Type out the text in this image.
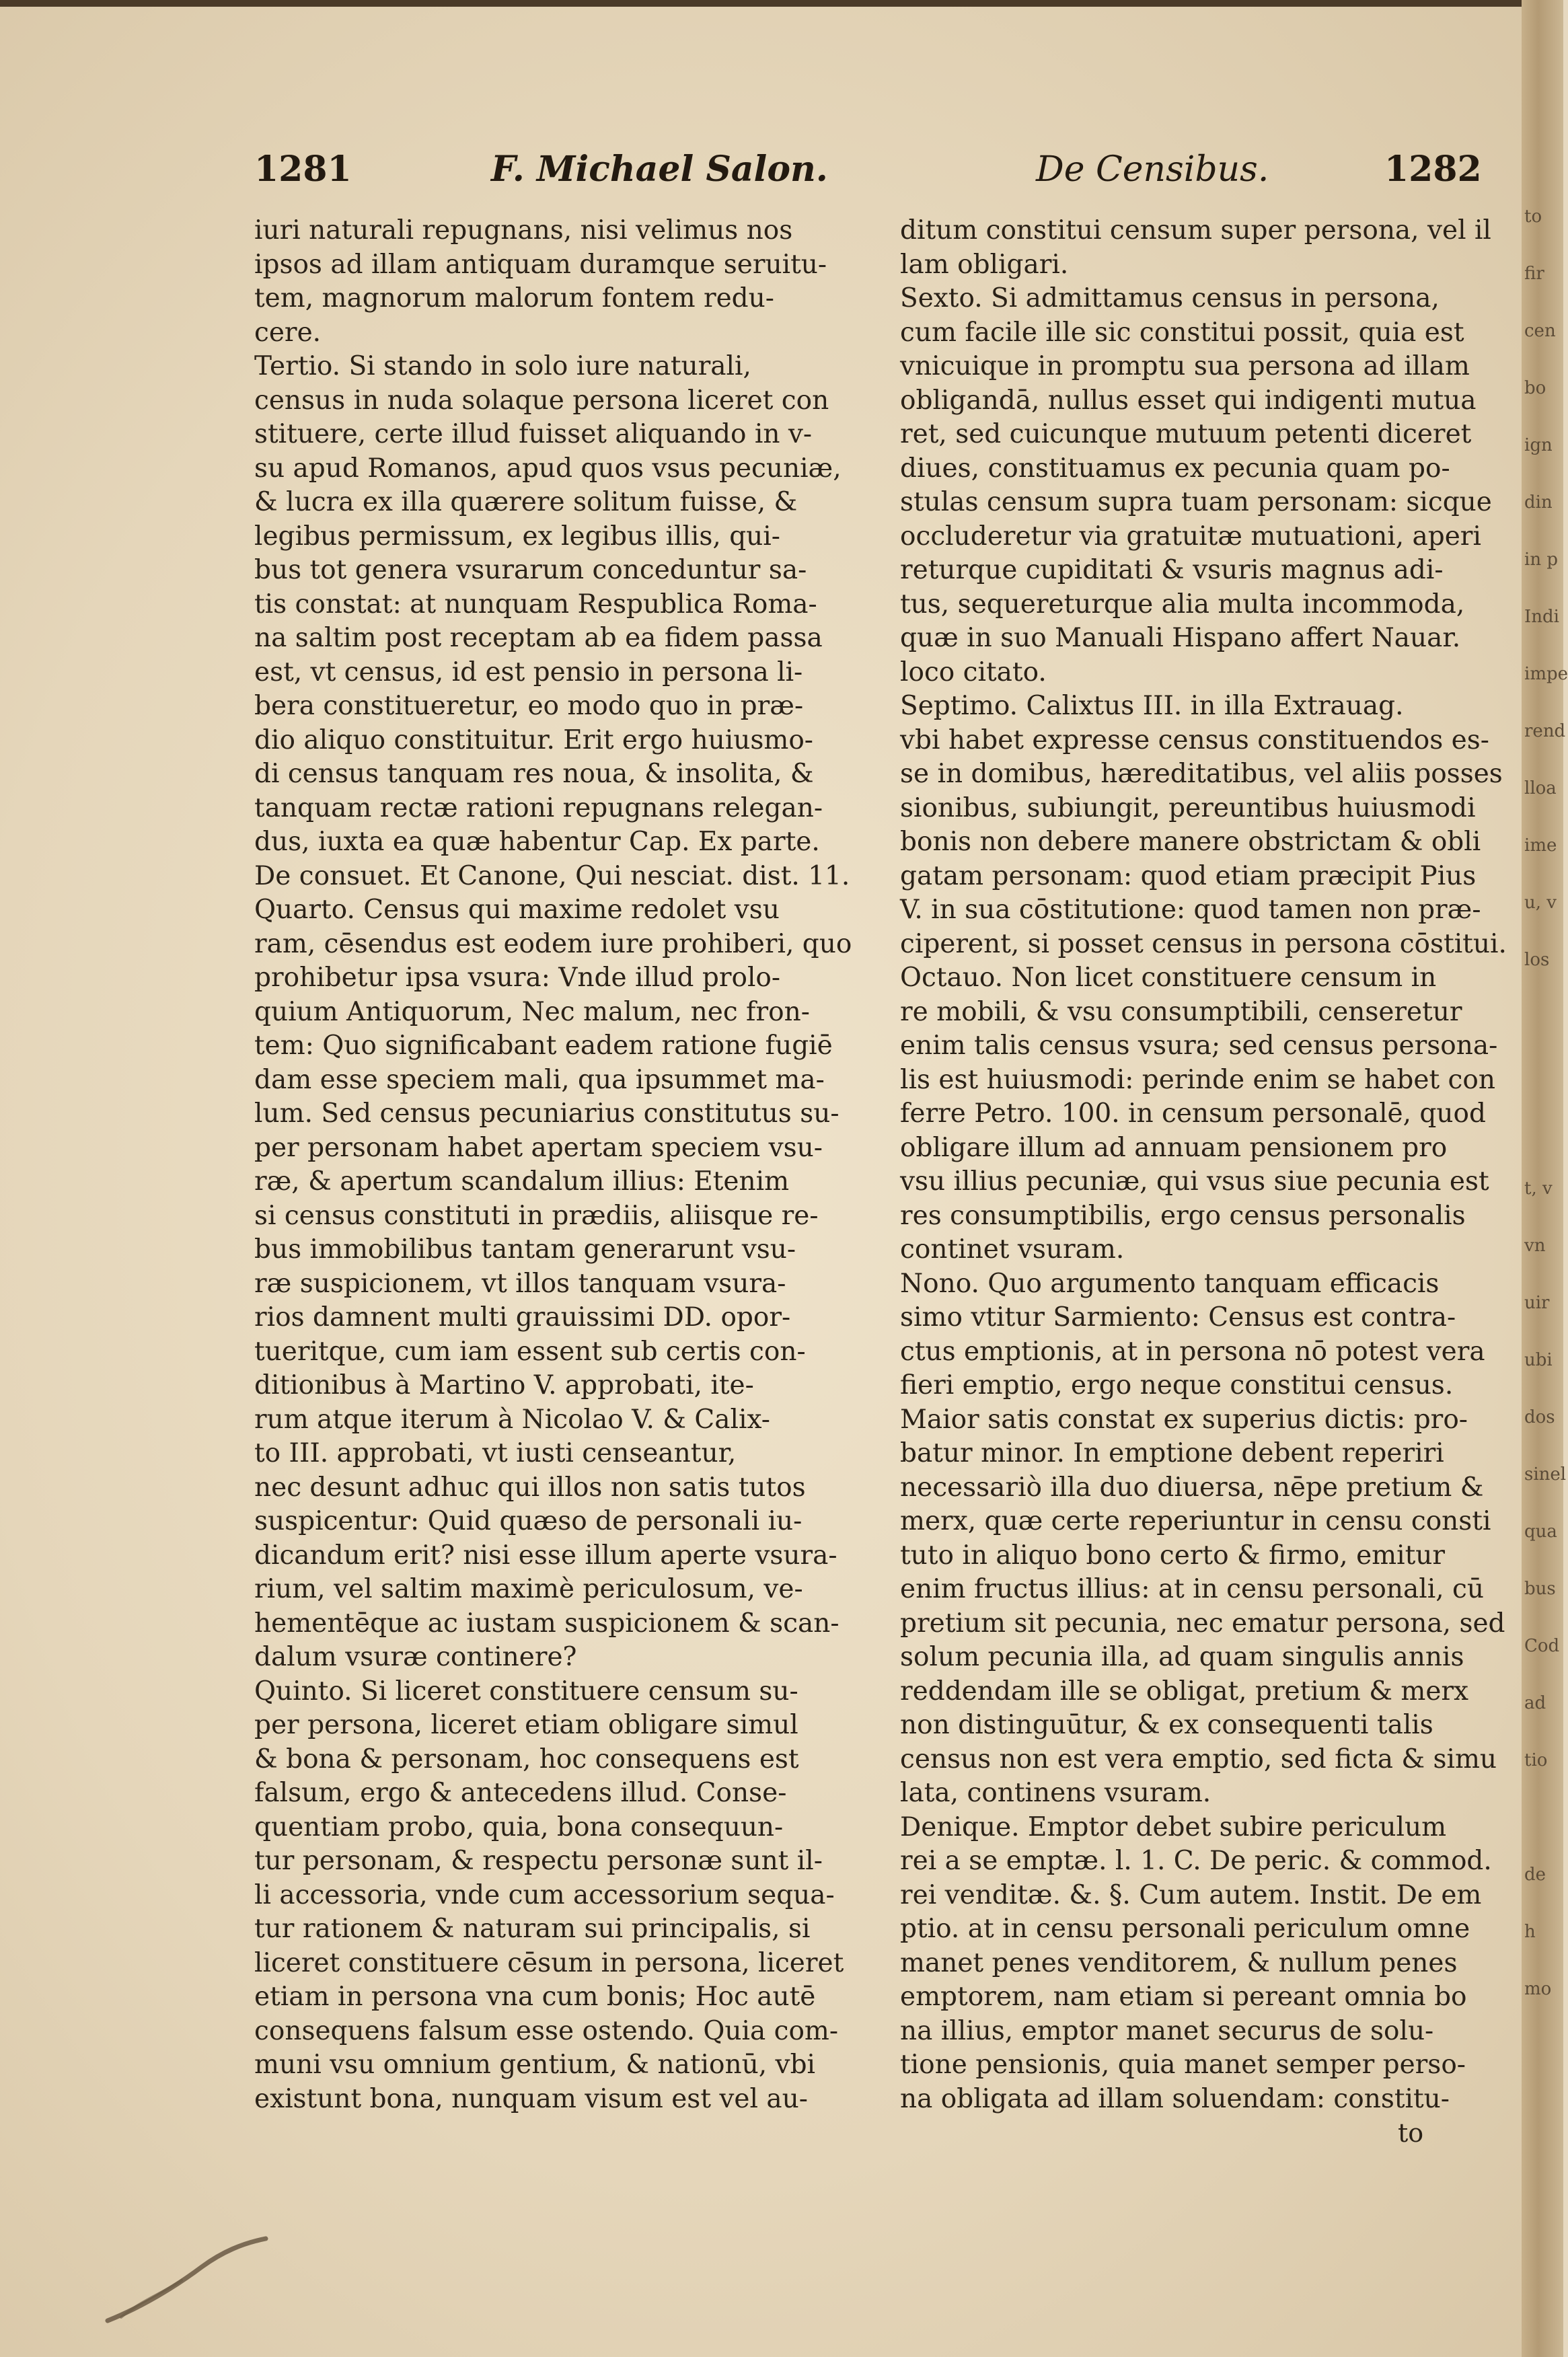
1281	F. Michael Salon.	De Censibus.	1282
iuri naturali repugnans, nisi velimus nos
ipsos ad illam antiquam duramque seruitu-
tem, magnorum malorum fontem redu-
cere.
Tertio. Si stando in solo iure naturali,
census in nuda solaque persona liceret con
stituere, certe illud fuisset aliquando in v-
su apud Romanos, apud quos vsus pecuniæ,
& lucra ex illa quærere solitum fuisse, &
legibus permissum, ex legibus illis, qui-
bus tot genera vsurarum conceduntur sa-
tis constat: at nunquam Respublica Roma-
na saltim post receptam ab ea fidem passa
est, vt census, id est pensio in persona li-
bera constitueretur, eo modo quo in præ-
dio aliquo constituitur. Erit ergo huiusmo-
di census tanquam res noua, & insolita, &
tanquam rectæ rationi repugnans relegan-
dus, iuxta ea quæ habentur Cap. Ex parte.
De consuet. Et Canone, Qui nesciat. dist. 11.
Quarto. Census qui maxime redolet vsu
ram, cēsendus est eodem iure prohiberi, quo
prohibetur ipsa vsura: Vnde illud prolo-
quium Antiquorum, Nec malum, nec fron-
tem: Quo significabant eadem ratione fugiē
dam esse speciem mali, qua ipsummet ma-
lum. Sed census pecuniarius constitutus su-
per personam habet apertam speciem vsu-
ræ, & apertum scandalum illius: Etenim
si census constituti in prædiis, aliisque re-
bus immobilibus tantam generarunt vsu-
ræ suspicionem, vt illos tanquam vsura-
rios damnent multi grauissimi DD. opor-
tueritque, cum iam essent sub certis con-
ditionibus à Martino V. approbati, ite-
rum atque iterum à Nicolao V. & Calix-
to III. approbati, vt iusti censeantur,
nec desunt adhuc qui illos non satis tutos
suspicentur: Quid quæso de personali iu-
dicandum erit? nisi esse illum aperte vsura-
rium, vel saltim maximè periculosum, ve-
hementēque ac iustam suspicionem & scan-
dalum vsuræ continere?
Quinto. Si liceret constituere censum su-
per persona, liceret etiam obligare simul
& bona & personam, hoc consequens est
falsum, ergo & antecedens illud. Conse-
quentiam probo, quia, bona consequun-
tur personam, & respectu personæ sunt il-
li accessoria, vnde cum accessorium sequa-
tur rationem & naturam sui principalis, si
liceret constituere cēsum in persona, liceret
etiam in persona vna cum bonis; Hoc autē
consequens falsum esse ostendo. Quia com-
muni vsu omnium gentium, & nationū, vbi
existunt bona, nunquam visum est vel au-
ditum constitui censum super persona, vel il
lam obligari.
Sexto. Si admittamus census in persona,
cum facile ille sic constitui possit, quia est
vnicuique in promptu sua persona ad illam
obligandā, nullus esset qui indigenti mutua
ret, sed cuicunque mutuum petenti diceret
diues, constituamus ex pecunia quam po-
stulas censum supra tuam personam: sicque
occluderetur via gratuitæ mutuationi, aperi
returque cupiditati & vsuris magnus adi-
tus, sequereturque alia multa incommoda,
quæ in suo Manuali Hispano affert Nauar.
loco citato.
Septimo. Calixtus III. in illa Extrauag.
vbi habet expresse census constituendos es-
se in domibus, hæreditatibus, vel aliis posses
sionibus, subiungit, pereuntibus huiusmodi
bonis non debere manere obstrictam & obli
gatam personam: quod etiam præcipit Pius
V. in sua cōstitutione: quod tamen non præ-
ciperent, si posset census in persona cōstitui.
Octauo. Non licet constituere censum in
re mobili, & vsu consumptibili, censeretur
enim talis census vsura; sed census persona-
lis est huiusmodi: perinde enim se habet con
ferre Petro. 100. in censum personalē, quod
obligare illum ad annuam pensionem pro
vsu illius pecuniæ, qui vsus siue pecunia est
res consumptibilis, ergo census personalis
continet vsuram.
Nono. Quo argumento tanquam efficacis
simo vtitur Sarmiento: Census est contra-
ctus emptionis, at in persona nō potest vera
fieri emptio, ergo neque constitui census.
Maior satis constat ex superius dictis: pro-
batur minor. In emptione debent reperiri
necessariò illa duo diuersa, nēpe pretium &
merx, quæ certe reperiuntur in censu consti
tuto in aliquo bono certo & firmo, emitur
enim fructus illius: at in censu personali, cū
pretium sit pecunia, nec ematur persona, sed
solum pecunia illa, ad quam singulis annis
reddendam ille se obligat, pretium & merx
non distinguūtur, & ex consequenti talis
census non est vera emptio, sed ficta & simu
lata, continens vsuram.
Denique. Emptor debet subire periculum
rei a se emptæ. l. 1. C. De peric. & commod.
rei venditæ. &. §. Cum autem. Instit. De em
ptio. at in censu personali periculum omne
manet penes venditorem, & nullum penes
emptorem, nam etiam si pereant omnia bo
na illius, emptor manet securus de solu-
tione pensionis, quia manet semper perso-
na obligata ad illam soluendam: constitu-
to
to
fir
cen
bo
ign
din
in p
Indi
impe
rend
lloa
ime
u, v
los
t, v
vn
uir
ubi
dos
sinel
qua
bus
Cod
ad
tio
de
h
mo
